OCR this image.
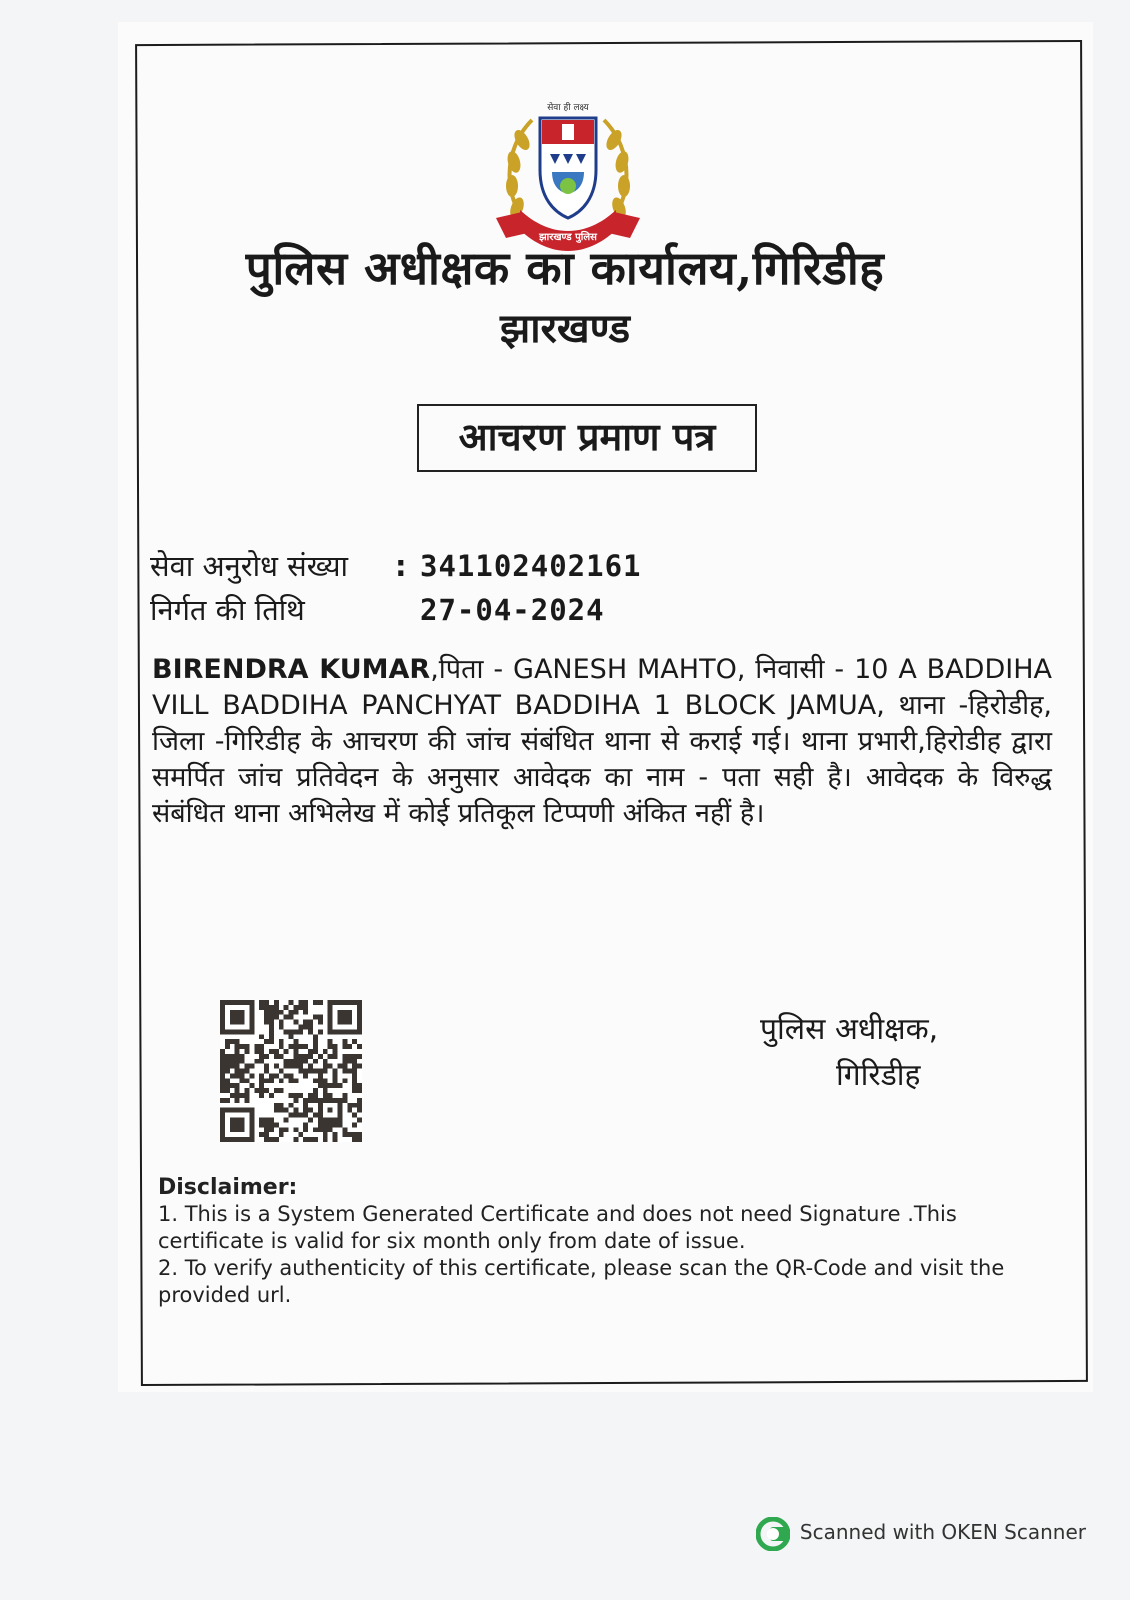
सेवा ही लक्ष्य
झारखण्ड पुलिस
पुलिस अधीक्षक का कार्यालय,गिरिडीह
झारखण्ड
आचरण प्रमाण पत्र
सेवा अनुरोध संख्या : 341102402161
निर्गत की तिथि	27-04-2024
BIRENDRA KUMAR,पिता - GANESH MAHTO, निवासी - 10 A BADDIHA VILL BADDIHA PANCHYAT BADDIHA 1 BLOCK JAMUA, थाना -हिरोडीह, जिला -गिरिडीह के आचरण की जांच संबंधित थाना से कराई गई। थाना प्रभारी,हिरोडीह द्वारा समर्पित जांच प्रतिवेदन के अनुसार आवेदक का नाम - पता सही है। आवेदक के विरुद्ध संबंधित थाना अभिलेख में कोई प्रतिकूल टिप्पणी अंकित नहीं है।
पुलिस अधीक्षक,
गिरिडीह

Disclaimer:

1. This is a System Generated Certificate and does not need Signature .This certificate is valid for six month only from date of issue.

2. To verify authenticity of this certificate, please scan the QR-Code and visit the provided url.

Scanned with OKEN Scanner
